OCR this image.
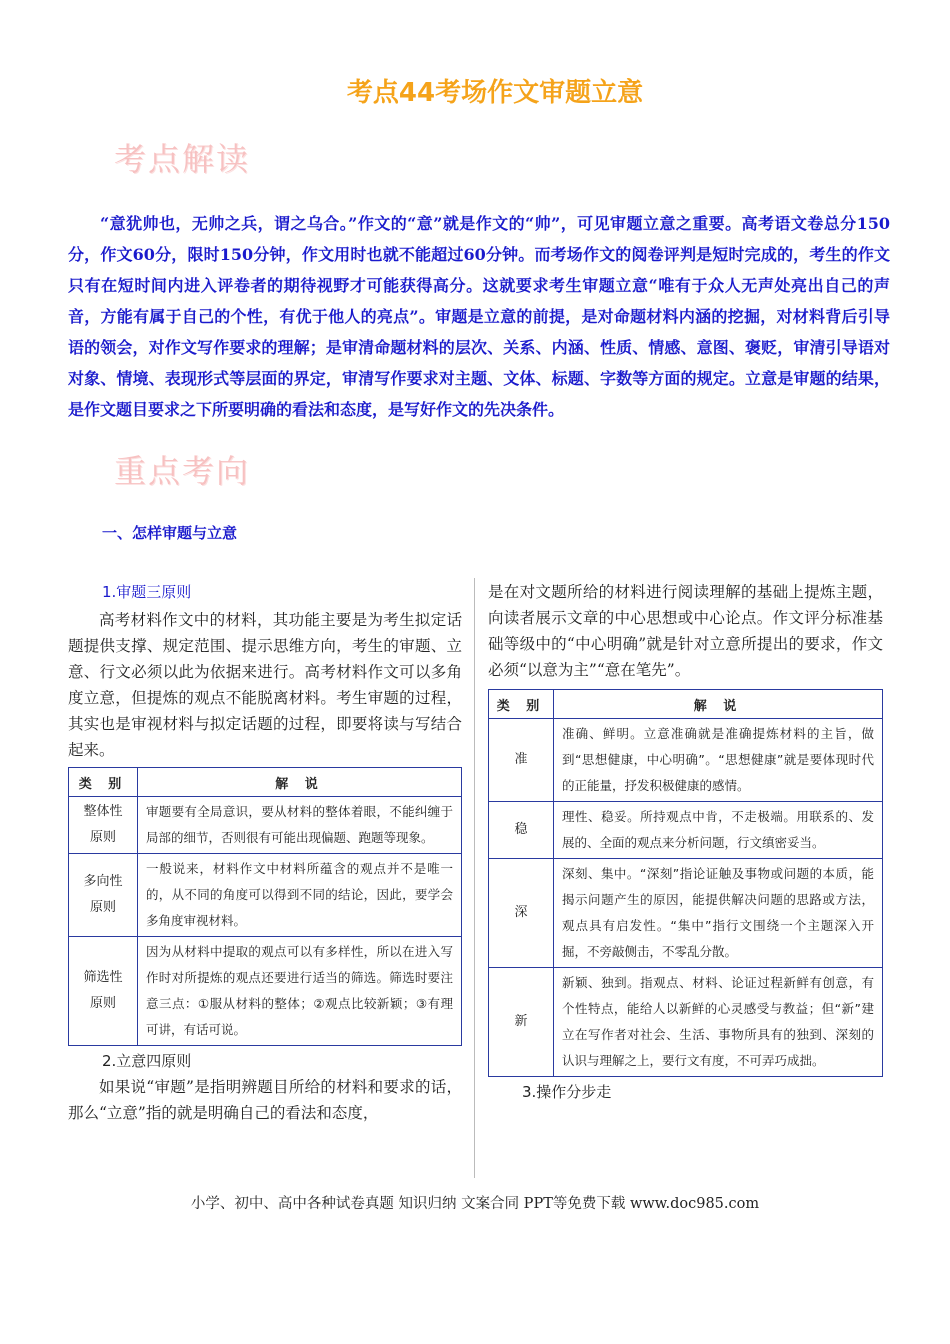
考点44考场作文审题立意
考点解读
“意犹帅也，无帅之兵，谓之乌合。”作文的“意”就是作文的“帅”，可见审题立意之重要。高考语文卷总分150分，作文60分，限时150分钟，作文用时也就不能超过60分钟。而考场作文的阅卷评判是短时完成的，考生的作文只有在短时间内进入评卷者的期待视野才可能获得高分。这就要求考生审题立意“唯有于众人无声处亮出自己的声音，方能有属于自己的个性，有优于他人的亮点”。审题是立意的前提，是对命题材料内涵的挖掘，对材料背后引导语的领会，对作文写作要求的理解；是审清命题材料的层次、关系、内涵、性质、情感、意图、褒贬，审清引导语对对象、情境、表现形式等层面的界定，审清写作要求对主题、文体、标题、字数等方面的规定。立意是审题的结果，是作文题目要求之下所要明确的看法和态度，是写好作文的先决条件。
重点考向
一、怎样审题与立意
1.审题三原则
高考材料作文中的材料，其功能主要是为考生拟定话题提供支撑、规定范围、提示思维方向，考生的审题、立意、行文必须以此为依据来进行。高考材料作文可以多角度立意，但提炼的观点不能脱离材料。考生审题的过程，其实也是审视材料与拟定话题的过程，即要将读与写结合起来。
类 别	解 说
整体性原则	审题要有全局意识，要从材料的整体着眼，不能纠缠于局部的细节，否则很有可能出现偏题、跑题等现象。
多向性原则	一般说来，材料作文中材料所蕴含的观点并不是唯一的，从不同的角度可以得到不同的结论，因此，要学会多角度审视材料。
筛选性原则	因为从材料中提取的观点可以有多样性，所以在进入写作时对所提炼的观点还要进行适当的筛选。筛选时要注意三点：①服从材料的整体；②观点比较新颖；③有理可讲，有话可说。
2.立意四原则
如果说“审题”是指明辨题目所给的材料和要求的话，那么“立意”指的就是明确自己的看法和态度，
是在对文题所给的材料进行阅读理解的基础上提炼主题，向读者展示文章的中心思想或中心论点。作文评分标准基础等级中的“中心明确”就是针对立意所提出的要求，作文必须“以意为主”“意在笔先”。
类 别	解 说
准	准确、鲜明。立意准确就是准确提炼材料的主旨，做到“思想健康，中心明确”。“思想健康”就是要体现时代的正能量，抒发积极健康的感情。
稳	理性、稳妥。所持观点中肯，不走极端。用联系的、发展的、全面的观点来分析问题，行文缜密妥当。
深	深刻、集中。“深刻”指论证触及事物或问题的本质，能揭示问题产生的原因，能提供解决问题的思路或方法，观点具有启发性。“集中”指行文围绕一个主题深入开掘，不旁敲侧击，不零乱分散。
新	新颖、独到。指观点、材料、论证过程新鲜有创意，有个性特点，能给人以新鲜的心灵感受与教益；但“新”建立在写作者对社会、生活、事物所具有的独到、深刻的认识与理解之上，要行文有度，不可弄巧成拙。
3.操作分步走
小学、初中、高中各种试卷真题 知识归纳 文案合同 PPT等免费下载 www.doc985.com
